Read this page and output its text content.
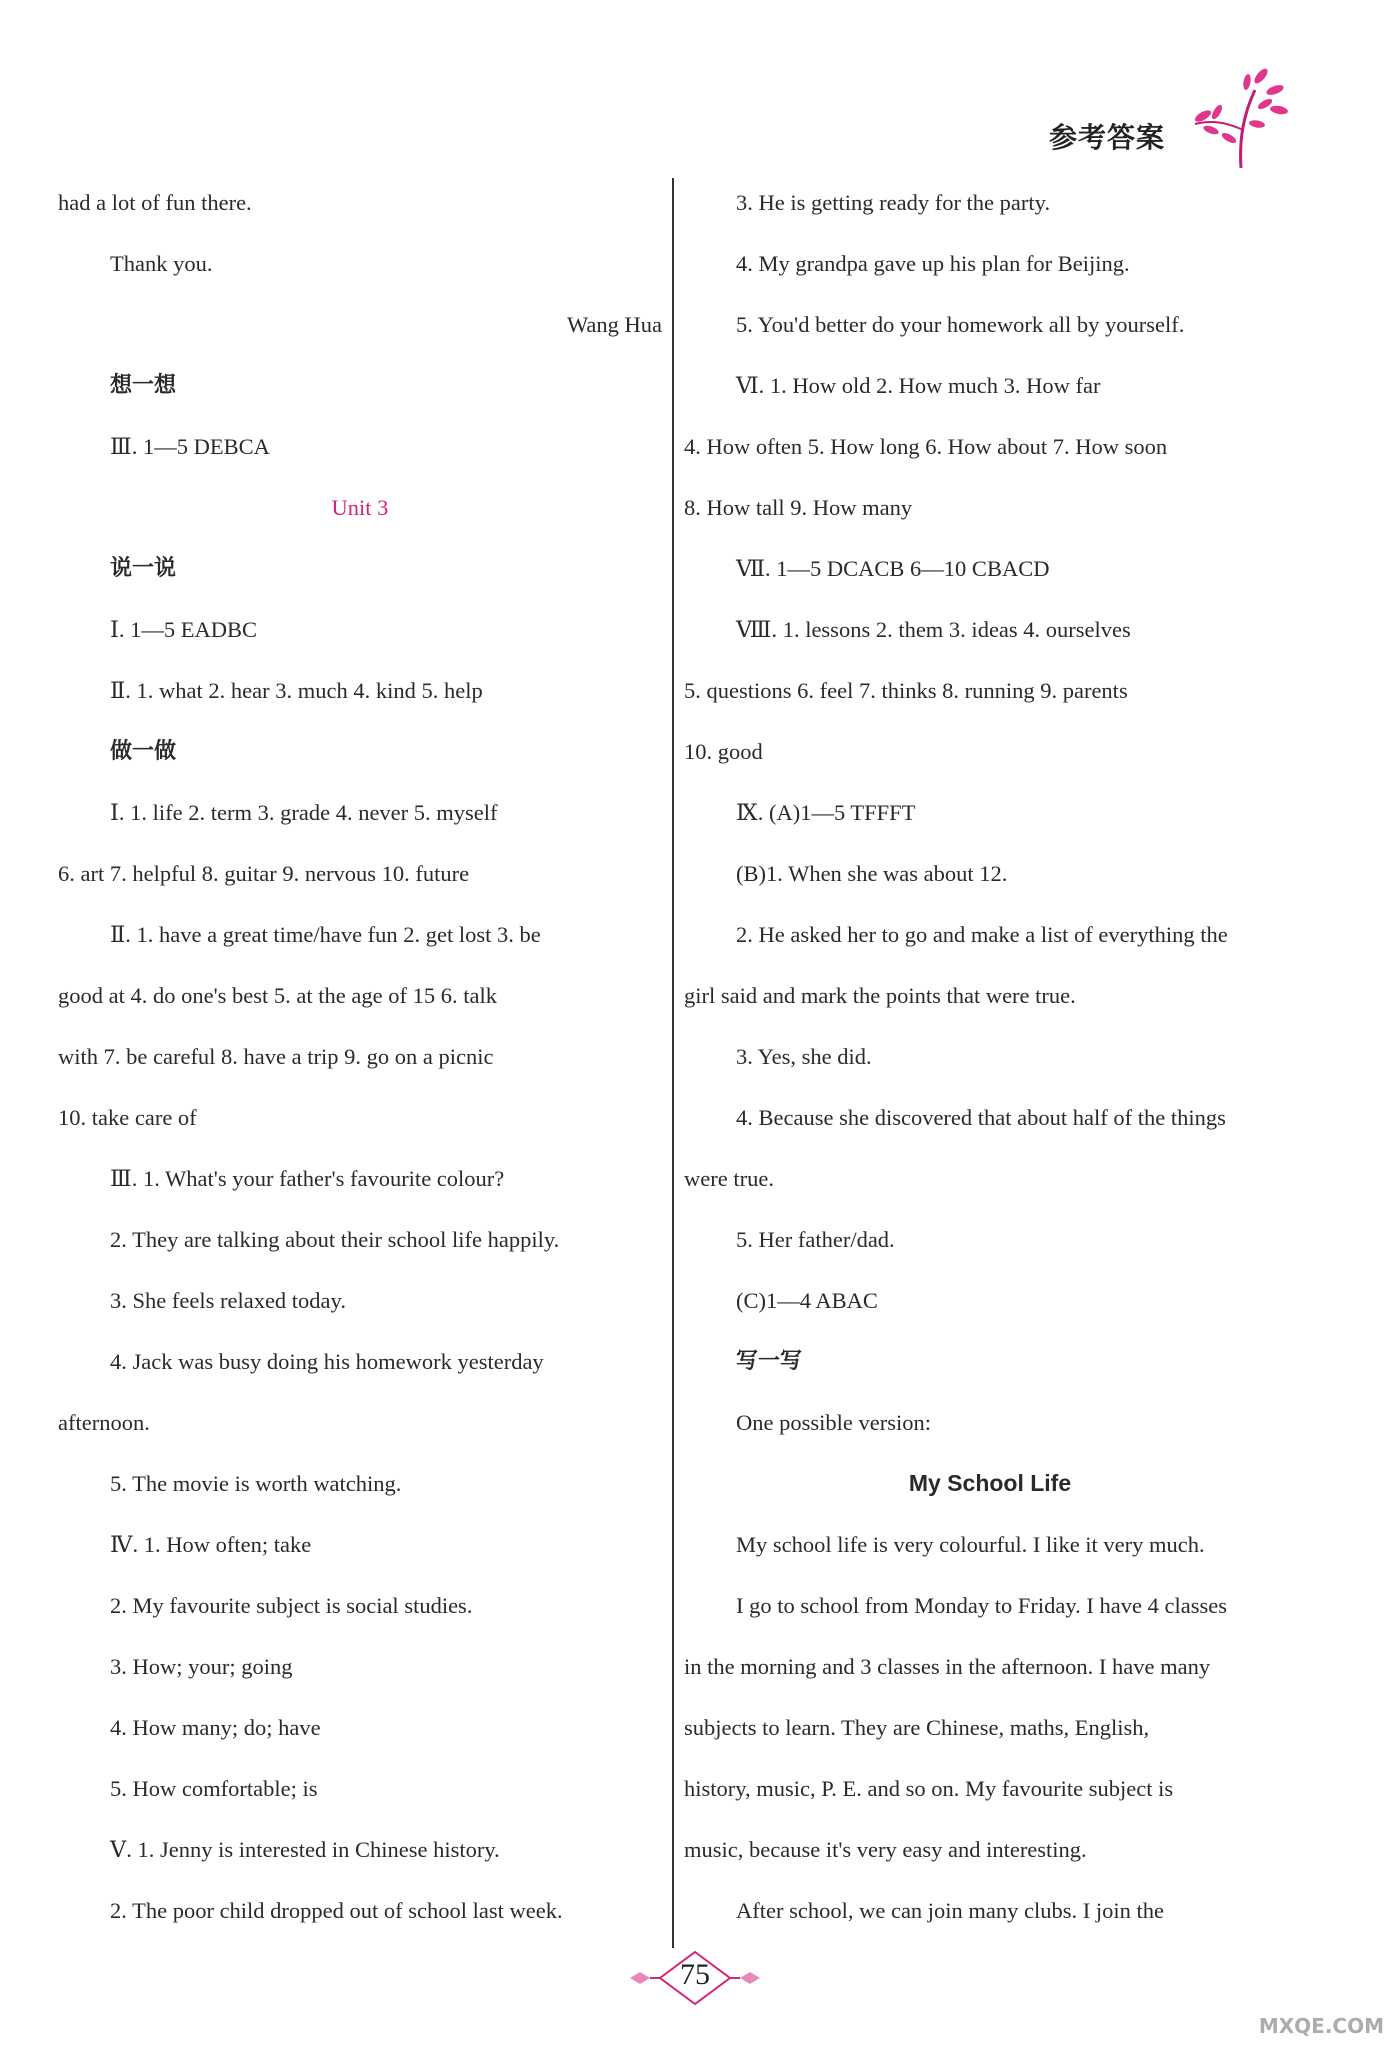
参考答案
had a lot of fun there.
Thank you.
Wang Hua
想一想
Ⅲ. 1—5 DEBCA
Unit 3
说一说
Ⅰ. 1—5 EADBC
Ⅱ. 1. what 2. hear 3. much 4. kind 5. help
做一做
Ⅰ. 1. life 2. term 3. grade 4. never 5. myself
6. art 7. helpful 8. guitar 9. nervous 10. future
Ⅱ. 1. have a great time/have fun 2. get lost 3. be
good at 4. do one's best 5. at the age of 15 6. talk
with 7. be careful 8. have a trip 9. go on a picnic
10. take care of
Ⅲ. 1. What's your father's favourite colour?
2. They are talking about their school life happily.
3. She feels relaxed today.
4. Jack was busy doing his homework yesterday
afternoon.
5. The movie is worth watching.
Ⅳ. 1. How often; take
2. My favourite subject is social studies.
3. How; your; going
4. How many; do; have
5. How comfortable; is
Ⅴ. 1. Jenny is interested in Chinese history.
2. The poor child dropped out of school last week.
3. He is getting ready for the party.
4. My grandpa gave up his plan for Beijing.
5. You'd better do your homework all by yourself.
Ⅵ. 1. How old 2. How much 3. How far
4. How often 5. How long 6. How about 7. How soon
8. How tall 9. How many
Ⅶ. 1—5 DCACB 6—10 CBACD
Ⅷ. 1. lessons 2. them 3. ideas 4. ourselves
5. questions 6. feel 7. thinks 8. running 9. parents
10. good
Ⅸ. (A)1—5 TFFFT
(B)1. When she was about 12.
2. He asked her to go and make a list of everything the
girl said and mark the points that were true.
3. Yes, she did.
4. Because she discovered that about half of the things
were true.
5. Her father/dad.
(C)1—4 ABAC
写一写
One possible version:
My School Life
My school life is very colourful. I like it very much.
I go to school from Monday to Friday. I have 4 classes
in the morning and 3 classes in the afternoon. I have many
subjects to learn. They are Chinese, maths, English,
history, music, P. E. and so on. My favourite subject is
music, because it's very easy and interesting.
After school, we can join many clubs. I join the
75
MXQE.COM
